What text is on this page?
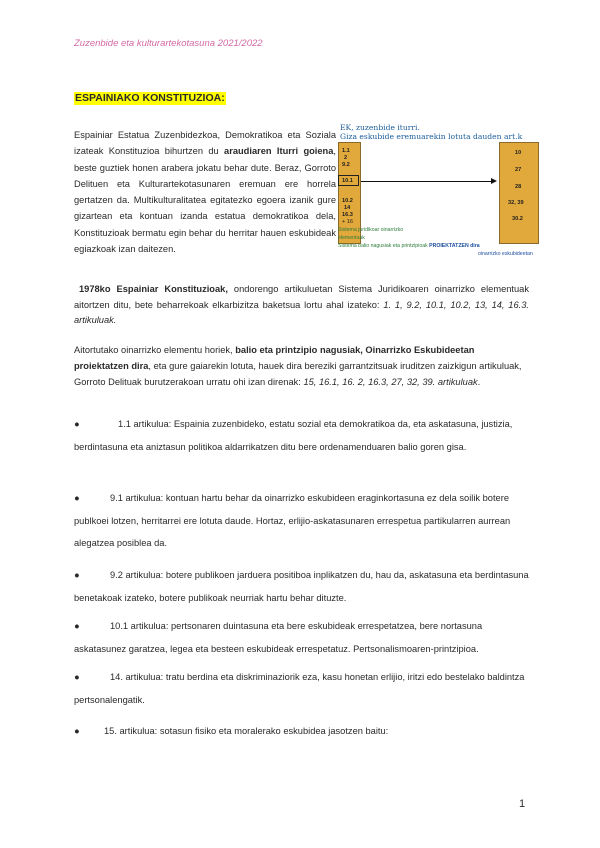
Zuzenbide eta kulturartekotasuna 2021/2022
ESPAINIAKO KONSTITUZIOA:

Espainiar Estatua Zuzenbidezkoa, Demokratikoa eta Soziala izateak Konstituzioa bihurtzen du araudiaren Iturri goiena, beste guztiek honen arabera jokatu behar dute. Beraz, Gorroto Delituen eta Kulturartekotasunaren eremuan ere horrela gertatzen da. Multikulturalitatea egitatezko egoera izanik gure gizartean eta kontuan izanda estatua demokratikoa dela, Konstituzioak bermatu egin behar du herritar hauen eskubideak egiazkoak izan daitezen.

EK, zuzenbide iturri.
Giza eskubide eremuarekin lotuta dauden art.k
1.1
2
9.2
10.1
10.2
14
16.3
+ 16
10
27
28
32, 39
30.2
Sistema juridikoar oinarrizko
elementuak
Sistema balio nagusiak eta printzipioak PROIEKTATZEN dira
oinarrizko eskubideetan

1978ko Espainiar Konstituzioak, ondorengo artikuluetan Sistema Juridikoaren oinarrizko elementuak aitortzen ditu, bete beharrekoak elkarbizitza baketsua lortu ahal izateko: 1. 1, 9.2, 10.1, 10.2, 13, 14, 16.3. artikuluak.

Aitortutako oinarrizko elementu horiek, balio eta printzipio nagusiak, Oinarrizko Eskubideetan proiektatzen dira, eta gure gaiarekin lotuta, hauek dira bereziki garrantzitsuak iruditzen zaizkigun artikuluak, Gorroto Delituak burutzerakoan urratu ohi izan direnak: 15, 16.1, 16. 2, 16.3, 27, 32, 39. artikuluak.

●	1.1 artikulua: Espainia zuzenbideko, estatu sozial eta demokratikoa da, eta askatasuna, justizia, berdintasuna eta aniztasun politikoa aldarrikatzen ditu bere ordenamenduaren balio goren gisa.

●	9.1 artikulua: kontuan hartu behar da oinarrizko eskubideen eraginkortasuna ez dela soilik botere publkoei lotzen, herritarrei ere lotuta daude. Hortaz, erlijio-askatasunaren errespetua partikularren aurrean alegatzea posiblea da.

●	9.2 artikulua: botere publikoen jarduera positiboa inplikatzen du, hau da, askatasuna eta berdintasuna benetakoak izateko, botere publikoak neurriak hartu behar dituzte.

●	10.1 artikulua: pertsonaren duintasuna eta bere eskubideak errespetatzea, bere nortasuna askatasunez garatzea, legea eta besteen eskubideak errespetatuz. Pertsonalismoaren-printzipioa.

●	14. artikulua: tratu berdina eta diskriminaziorik eza, kasu honetan erlijio, iritzi edo bestelako baldintza pertsonalengatik.

●	15. artikulua: sotasun fisiko eta moralerako eskubidea jasotzen baitu:

1
